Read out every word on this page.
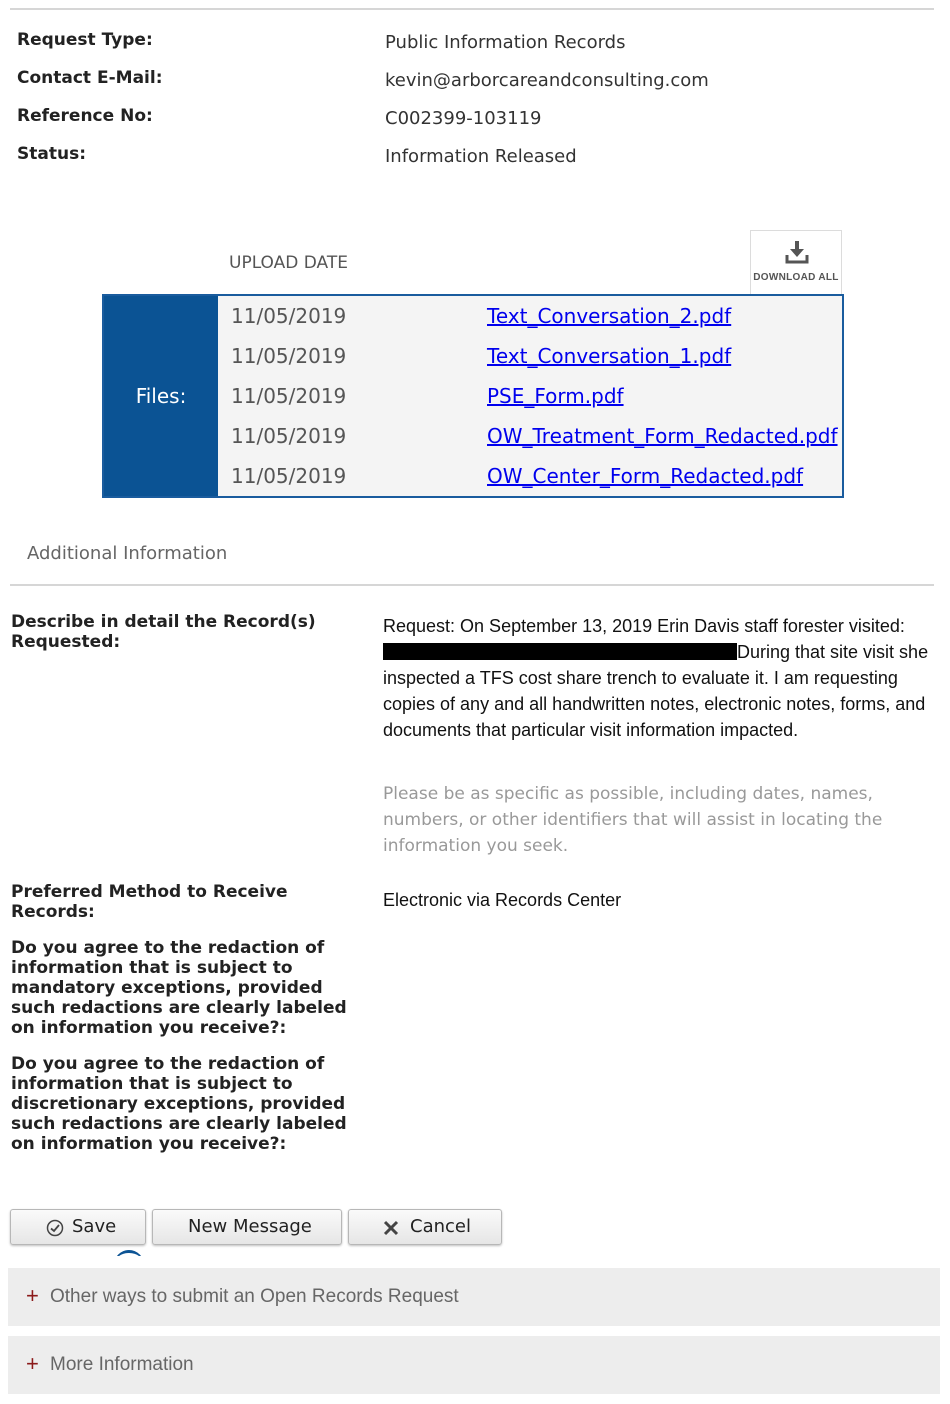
Request Type:	Public Information Records
Contact E-Mail:	kevin@arborcareandconsulting.com
Reference No:	C002399-103119
Status:	Information Released
DOWNLOAD ALL
UPLOAD DATE
Files:
11/05/2019	Text_Conversation_2.pdf
11/05/2019	Text_Conversation_1.pdf
11/05/2019	PSE_Form.pdf
11/05/2019	OW_Treatment_Form_Redacted.pdf
11/05/2019	OW_Center_Form_Redacted.pdf
Additional Information
Describe in detail the Record(s) Requested:
Request: On September 13, 2019 Erin Davis staff forester visited: During that site visit she inspected a TFS cost share trench to evaluate it. I am requesting copies of any and all handwritten notes, electronic notes, forms, and documents that particular visit information impacted.
Please be as specific as possible, including dates, names, numbers, or other identifiers that will assist in locating the information you seek.
Preferred Method to Receive Records:
Electronic via Records Center
Do you agree to the redaction of information that is subject to mandatory exceptions, provided such redactions are clearly labeled on information you receive?:
Do you agree to the redaction of information that is subject to discretionary exceptions, provided such redactions are clearly labeled on information you receive?:
Save	New Message	Cancel
+ Other ways to submit an Open Records Request
+ More Information
